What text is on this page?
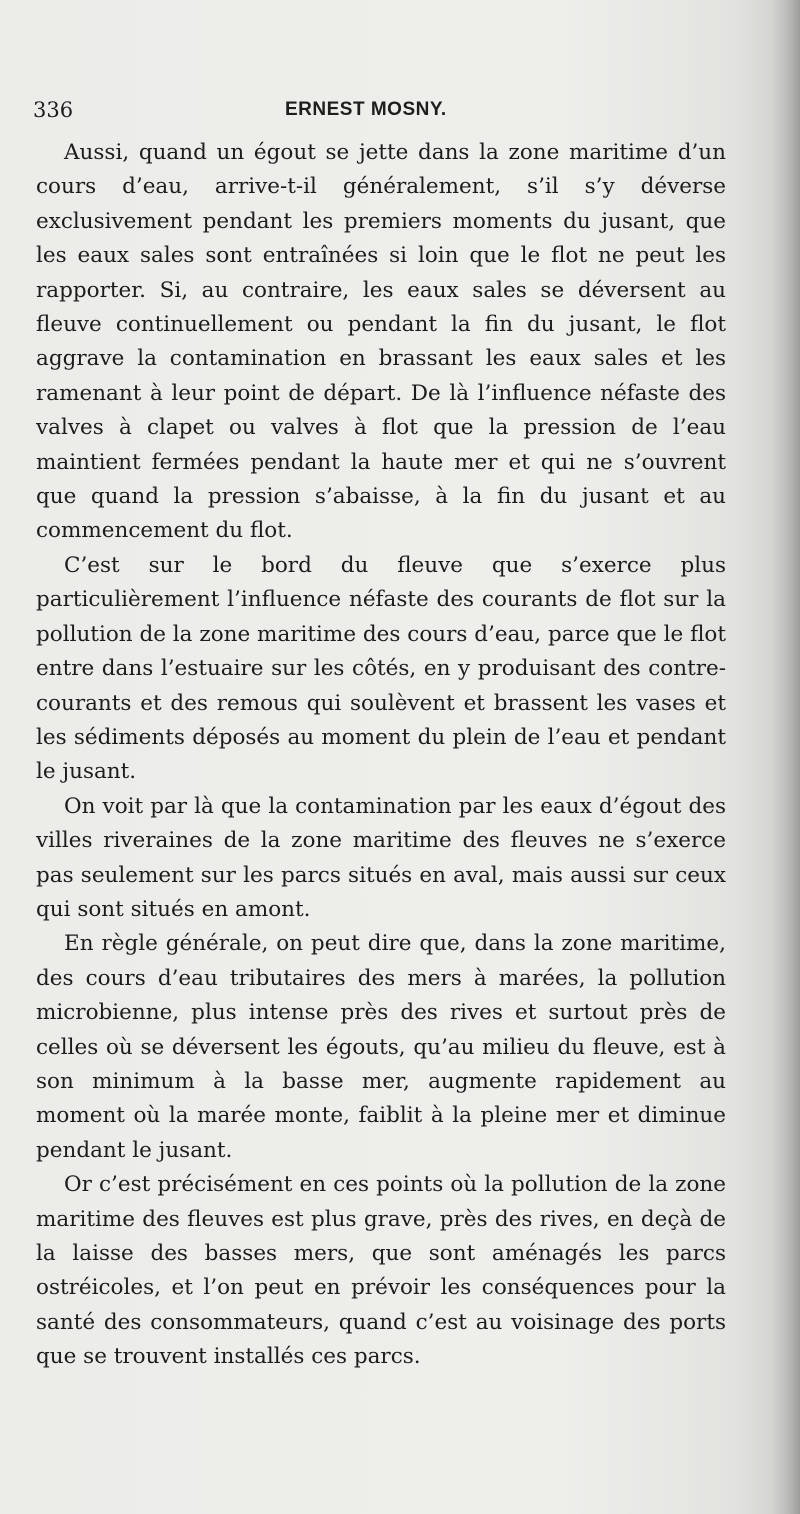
336	ERNEST MOSNY.

Aussi, quand un égout se jette dans la zone maritime d’un cours d’eau, arrive-t-il généralement, s’il s’y déverse exclusivement pendant les premiers moments du jusant, que les eaux sales sont entraînées si loin que le flot ne peut les rapporter. Si, au contraire, les eaux sales se déversent au fleuve continuellement ou pendant la fin du jusant, le flot aggrave la contamination en brassant les eaux sales et les ramenant à leur point de départ. De là l’influence néfaste des valves à clapet ou valves à flot que la pression de l’eau maintient fermées pendant la haute mer et qui ne s’ouvrent que quand la pression s’abaisse, à la fin du jusant et au commencement du flot.

C’est sur le bord du fleuve que s’exerce plus particulièrement l’influence néfaste des courants de flot sur la pollution de la zone maritime des cours d’eau, parce que le flot entre dans l’estuaire sur les côtés, en y produisant des contre-courants et des remous qui soulèvent et brassent les vases et les sédiments déposés au moment du plein de l’eau et pendant le jusant.

On voit par là que la contamination par les eaux d’égout des villes riveraines de la zone maritime des fleuves ne s’exerce pas seulement sur les parcs situés en aval, mais aussi sur ceux qui sont situés en amont.

En règle générale, on peut dire que, dans la zone maritime, des cours d’eau tributaires des mers à marées, la pollution microbienne, plus intense près des rives et surtout près de celles où se déversent les égouts, qu’au milieu du fleuve, est à son minimum à la basse mer, augmente rapidement au moment où la marée monte, faiblit à la pleine mer et diminue pendant le jusant.

Or c’est précisément en ces points où la pollution de la zone maritime des fleuves est plus grave, près des rives, en deçà de la laisse des basses mers, que sont aménagés les parcs ostréicoles, et l’on peut en prévoir les conséquences pour la santé des consommateurs, quand c’est au voisinage des ports que se trouvent installés ces parcs.
